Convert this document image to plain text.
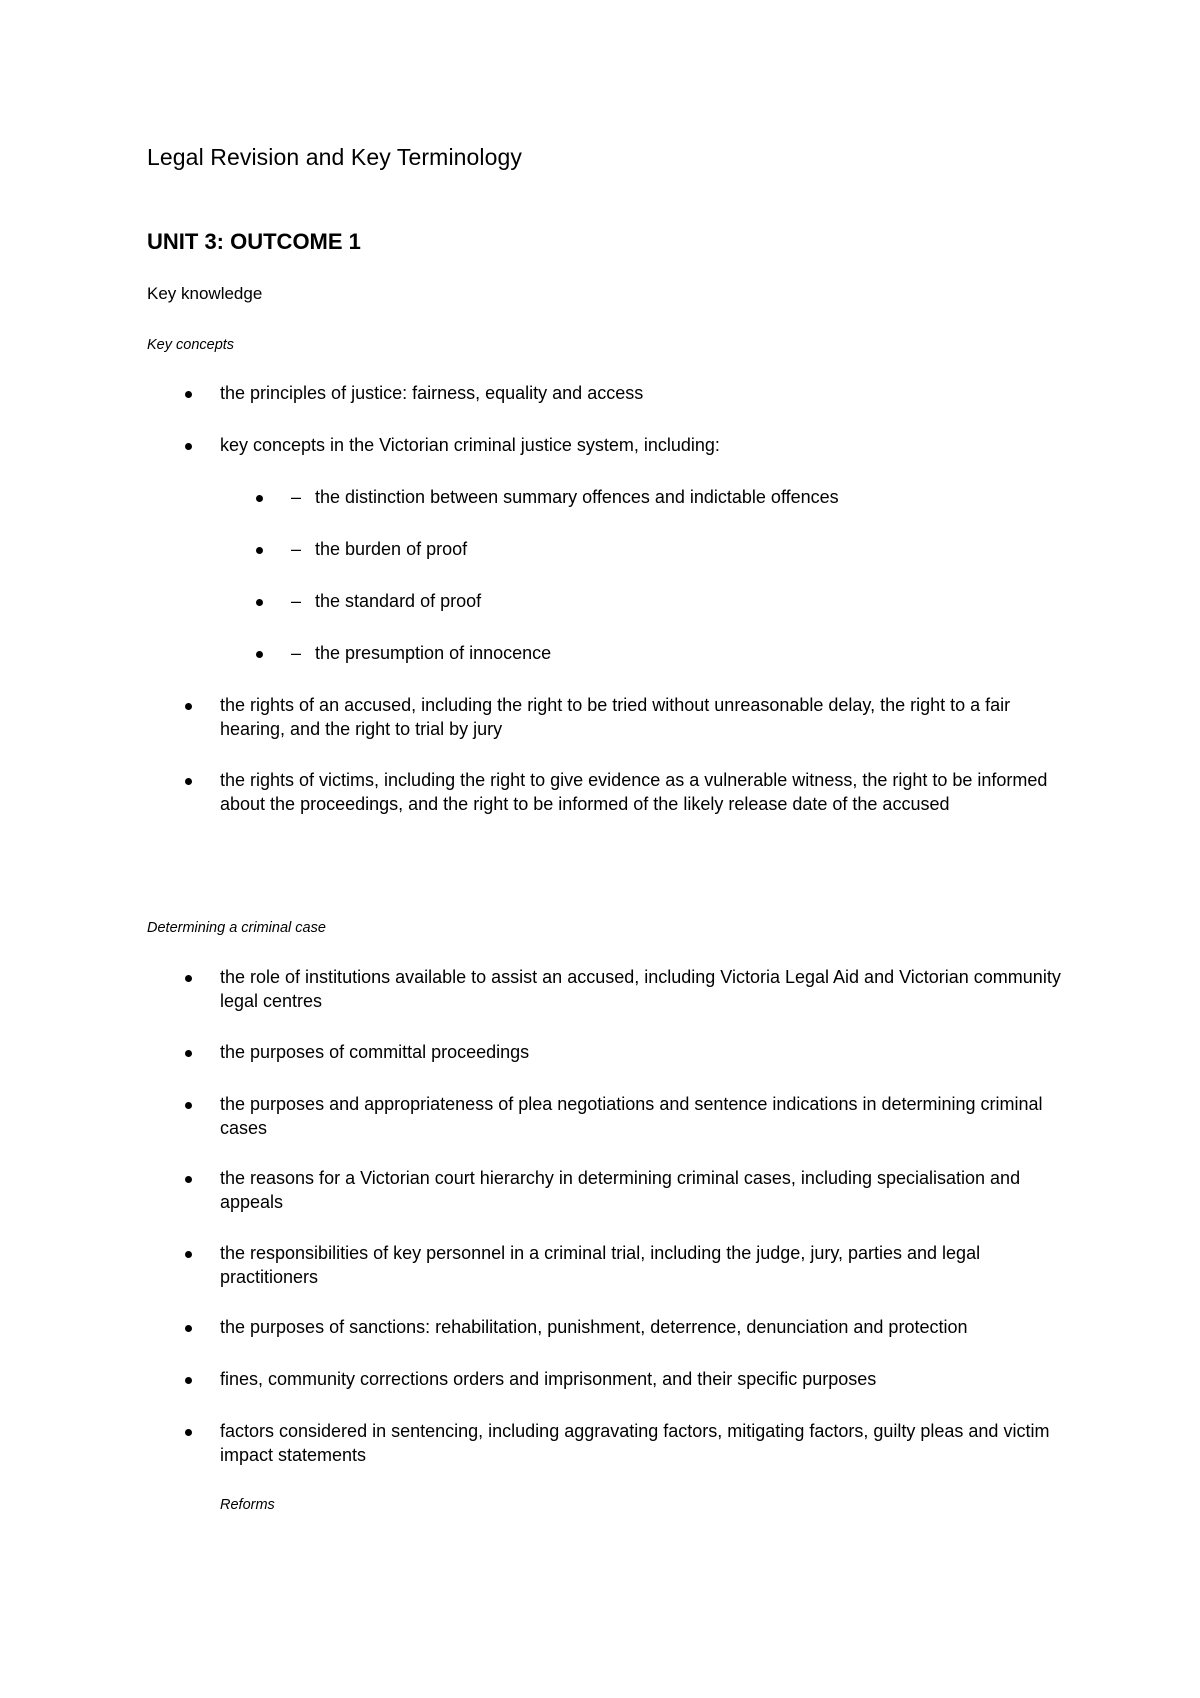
Legal Revision and Key Terminology
UNIT 3: OUTCOME 1

Key knowledge

Key concepts

the principles of justice: fairness, equality and access

key concepts in the Victorian criminal justice system, including:

– the distinction between summary offences and indictable offences

– the burden of proof

– the standard of proof

– the presumption of innocence

the rights of an accused, including the right to be tried without unreasonable delay, the right to a fair hearing, and the right to trial by jury

the rights of victims, including the right to give evidence as a vulnerable witness, the right to be informed about the proceedings, and the right to be informed of the likely release date of the accused

Determining a criminal case

the role of institutions available to assist an accused, including Victoria Legal Aid and Victorian community legal centres

the purposes of committal proceedings

the purposes and appropriateness of plea negotiations and sentence indications in determining criminal cases

the reasons for a Victorian court hierarchy in determining criminal cases, including specialisation and appeals

the responsibilities of key personnel in a criminal trial, including the judge, jury, parties and legal practitioners

the purposes of sanctions: rehabilitation, punishment, deterrence, denunciation and protection

fines, community corrections orders and imprisonment, and their specific purposes

factors considered in sentencing, including aggravating factors, mitigating factors, guilty pleas and victim impact statements

Reforms
